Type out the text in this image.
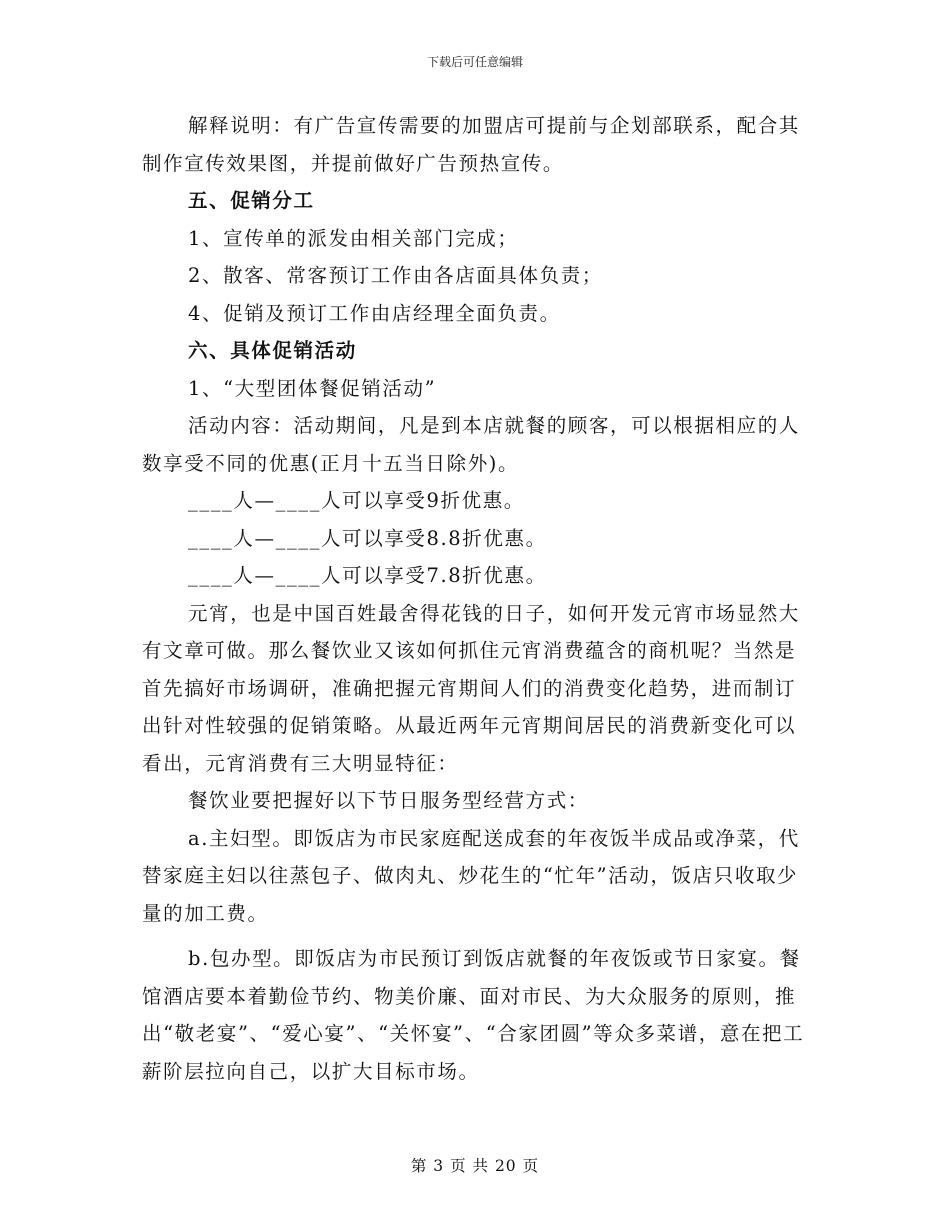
下载后可任意编辑

解释说明：有广告宣传需要的加盟店可提前与企划部联系，配合其制作宣传效果图，并提前做好广告预热宣传。

五、促销分工

1、宣传单的派发由相关部门完成；

2、散客、常客预订工作由各店面具体负责；

4、促销及预订工作由店经理全面负责。

六、具体促销活动

1、“大型团体餐促销活动”

活动内容：活动期间，凡是到本店就餐的顾客，可以根据相应的人数享受不同的优惠(正月十五当日除外)。

____人—____人可以享受9折优惠。

____人—____人可以享受8.8折优惠。

____人—____人可以享受7.8折优惠。

元宵，也是中国百姓最舍得花钱的日子，如何开发元宵市场显然大有文章可做。那么餐饮业又该如何抓住元宵消费蕴含的商机呢？当然是首先搞好市场调研，准确把握元宵期间人们的消费变化趋势，进而制订出针对性较强的促销策略。从最近两年元宵期间居民的消费新变化可以看出，元宵消费有三大明显特征：

餐饮业要把握好以下节日服务型经营方式：

a.主妇型。即饭店为市民家庭配送成套的年夜饭半成品或净菜，代替家庭主妇以往蒸包子、做肉丸、炒花生的“忙年”活动，饭店只收取少量的加工费。

b.包办型。即饭店为市民预订到饭店就餐的年夜饭或节日家宴。餐馆酒店要本着勤俭节约、物美价廉、面对市民、为大众服务的原则，推出“敬老宴”、“爱心宴”、“关怀宴”、“合家团圆”等众多菜谱，意在把工薪阶层拉向自己，以扩大目标市场。

第 3 页 共 20 页
